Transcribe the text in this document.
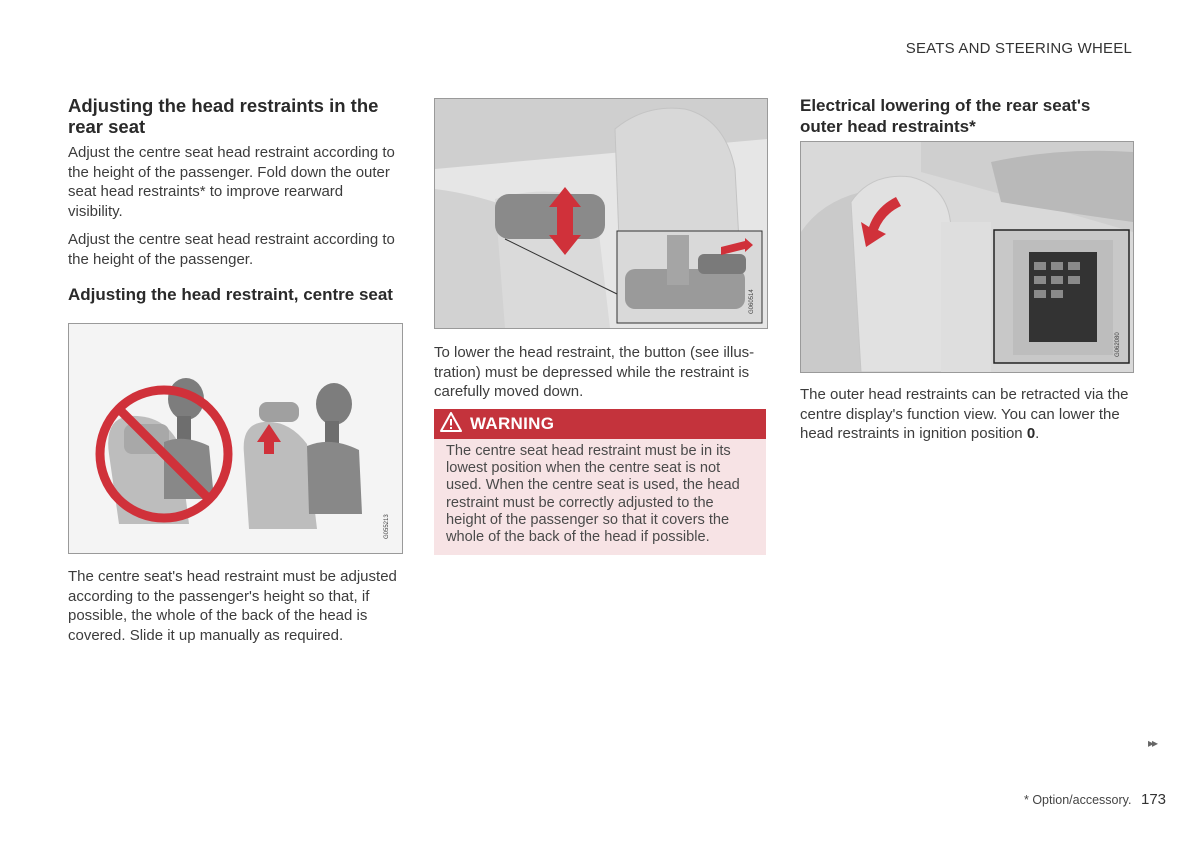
SEATS AND STEERING WHEEL
Adjusting the head restraints in the rear seat

Adjust the centre seat head restraint according to the height of the passenger. Fold down the outer seat head restraints* to improve rearward visibility.

Adjust the centre seat head restraint according to the height of the passenger.

Adjusting the head restraint, centre seat
G055213

The centre seat's head restraint must be adjusted according to the passenger's height so that, if possible, the whole of the back of the head is covered. Slide it up manually as required.

G060514

To lower the head restraint, the button (see illus-tration) must be depressed while the restraint is carefully moved down.

WARNING
The centre seat head restraint must be in its lowest position when the centre seat is not used. When the centre seat is used, the head restraint must be correctly adjusted to the height of the passenger so that it covers the whole of the back of the head if possible.
Electrical lowering of the rear seat's outer head restraints*
G062080

The outer head restraints can be retracted via the centre display's function view. You can lower the head restraints in ignition position 0.

▸▸
* Option/accessory. 173
